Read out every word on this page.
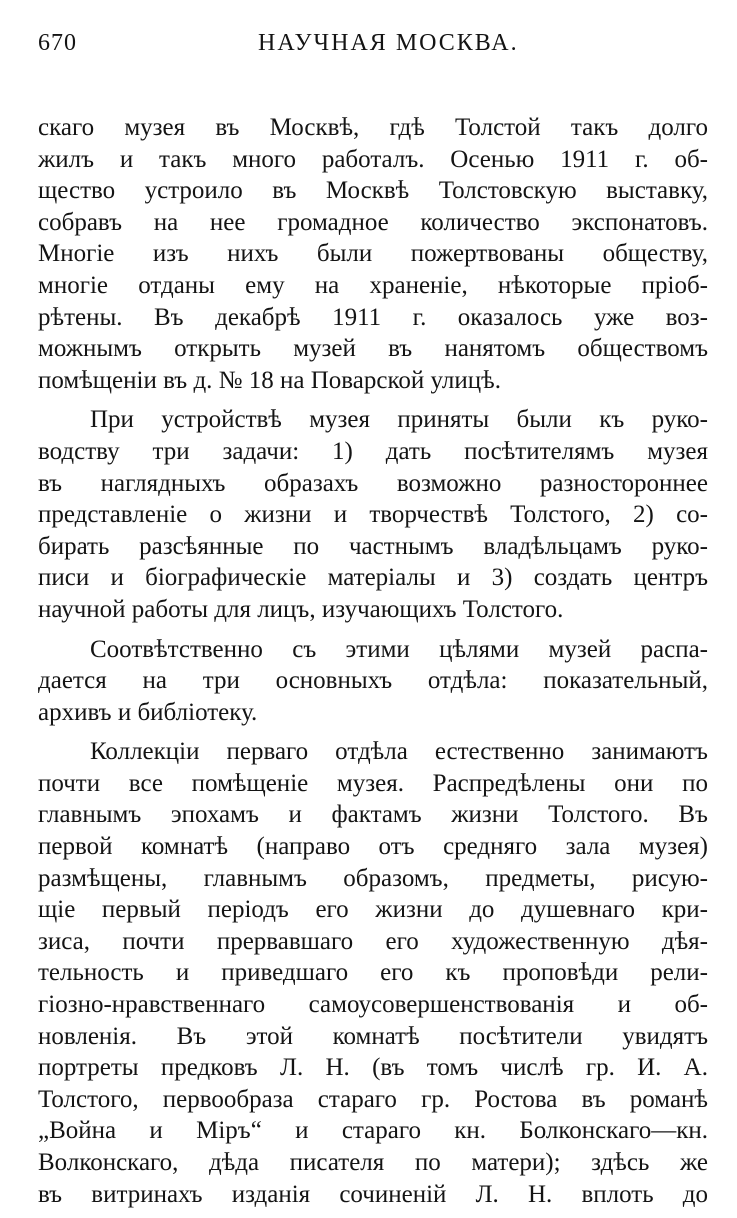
670	НАУЧНАЯ МОСКВА.
скаго музея въ Москвѣ, гдѣ Толстой такъ долго
жилъ и такъ много работалъ. Осенью 1911 г. об-
щество устроило въ Москвѣ Толстовскую выставку,
собравъ на нее громадное количество экспонатовъ.
Многіе изъ нихъ были пожертвованы обществу,
многіе отданы ему на храненіе, нѣкоторые пріоб-
рѣтены. Въ декабрѣ 1911 г. оказалось уже воз-
можнымъ открыть музей въ нанятомъ обществомъ
помѣщеніи въ д. № 18 на Поварской улицѣ.
При устройствѣ музея приняты были къ руко-
водству три задачи: 1) дать посѣтителямъ музея
въ наглядныхъ образахъ возможно разностороннее
представленіе о жизни и творчествѣ Толстого, 2) со-
бирать разсѣянные по частнымъ владѣльцамъ руко-
писи и біографическіе матеріалы и 3) создать центръ
научной работы для лицъ, изучающихъ Толстого.
Соотвѣтственно съ этими цѣлями музей распа-
дается на три основныхъ отдѣла: показательный,
архивъ и библіотеку.
Коллекціи перваго отдѣла естественно занимаютъ
почти все помѣщеніе музея. Распредѣлены они по
главнымъ эпохамъ и фактамъ жизни Толстого. Въ
первой комнатѣ (направо отъ средняго зала музея)
размѣщены, главнымъ образомъ, предметы, рисую-
щіе первый періодъ его жизни до душевнаго кри-
зиса, почти прервавшаго его художественную дѣя-
тельность и приведшаго его къ проповѣди рели-
гіозно-нравственнаго самоусовершенствованія и об-
новленія. Въ этой комнатѣ посѣтители увидятъ
портреты предковъ Л. Н. (въ томъ числѣ гр. И. А.
Толстого, первообраза стараго гр. Ростова въ романѣ
„Война и Міръ“ и стараго кн. Болконскаго—кн.
Волконскаго, дѣда писателя по матери); здѣсь же
въ витринахъ изданія сочиненій Л. Н. вплоть до
